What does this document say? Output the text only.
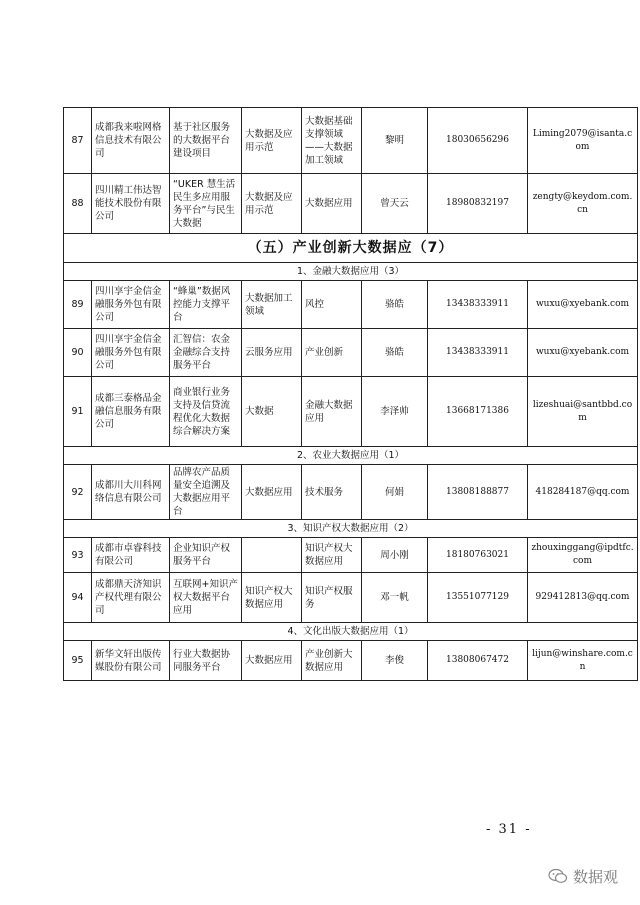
87	成都我来啦网格信息技术有限公司	基于社区服务的大数据平台建设项目	大数据及应用示范	大数据基础支撑领域——大数据加工领域	黎明	18030656296	Liming2079@isanta.com
88	四川精工伟达智能技术股份有限公司	“UKER 慧生活民生多应用服务平台”与民生大数据	大数据及应用示范	大数据应用	曾天云	18980832197	zengty@keydom.com.cn
（五）产业创新大数据应（7）							
1、金融大数据应用（3）							
89	四川享宇金信金融服务外包有限公司	“蜂巢”数据风控能力支撑平台	大数据加工领域	风控	骆皓	13438333911	wuxu@xyebank.com
90	四川享宇金信金融服务外包有限公司	汇智信：农金金融综合支持服务平台	云服务应用	产业创新	骆皓	13438333911	wuxu@xyebank.com
91	成都三泰格品金融信息服务有限公司	商业银行业务支持及信贷流程优化大数据综合解决方案	大数据	金融大数据应用	李泽帅	13668171386	lizeshuai@santbbd.com
2、农业大数据应用（1）							
92	成都川大川科网络信息有限公司	品牌农产品质量安全追溯及大数据应用平台	大数据应用	技术服务	何娟	13808188877	418284187@qq.com
3、知识产权大数据应用（2）							
93	成都市卓睿科技有限公司	企业知识产权服务平台		知识产权大数据应用	周小刚	18180763021	zhouxinggang@ipdtfc.com
94	成都鼎天济知识产权代理有限公司	互联网+知识产权大数据平台应用	知识产权大数据应用	知识产权服务	邓一帆	13551077129	929412813@qq.com
4、文化出版大数据应用（1）							
95	新华文轩出版传媒股份有限公司	行业大数据协同服务平台	大数据应用	产业创新大数据应用	李俊	13808067472	lijun@winshare.com.cn
- 31 -
数据观
